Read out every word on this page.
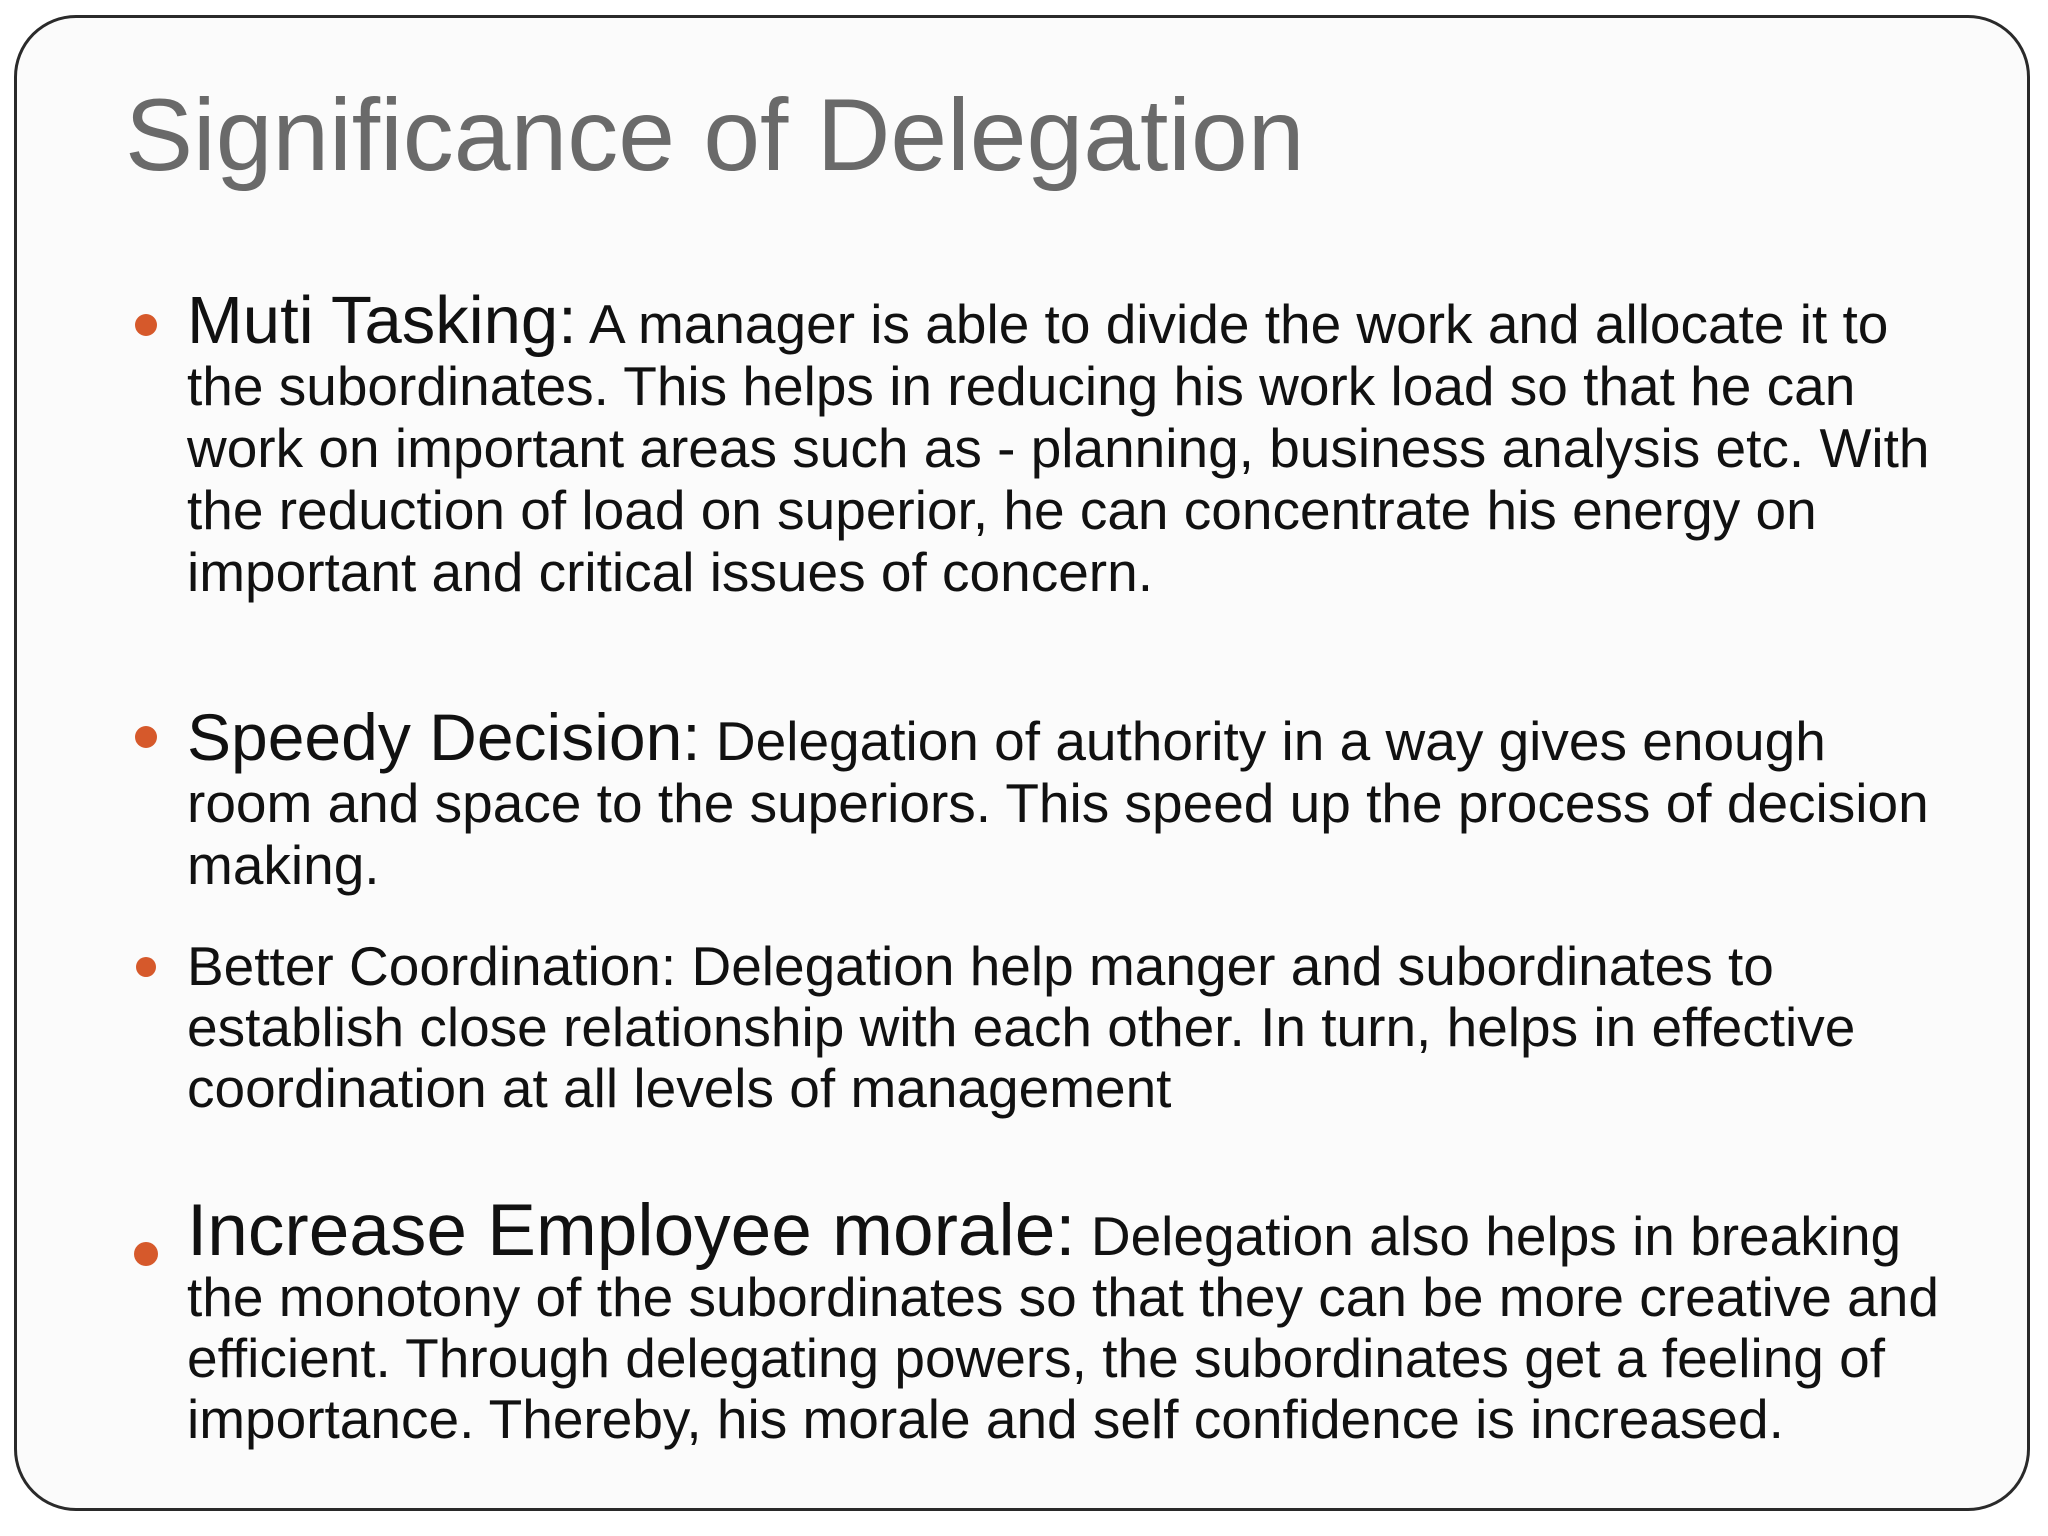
Significance of Delegation
Muti Tasking: A manager is able to divide the work and allocate it to the subordinates. This helps in reducing his work load so that he can work on important areas such as - planning, business analysis etc. With the reduction of load on superior, he can concentrate his energy on important and critical issues of concern.
Speedy Decision: Delegation of authority in a way gives enough room and space to the superiors. This speed up the process of decision making.
Better Coordination: Delegation help manger and subordinates to establish close relationship with each other. In turn, helps in effective coordination at all levels of management
Increase Employee morale: Delegation also helps in breaking the monotony of the subordinates so that they can be more creative and efficient. Through delegating powers, the subordinates get a feeling of importance. Thereby, his morale and self confidence is increased.
